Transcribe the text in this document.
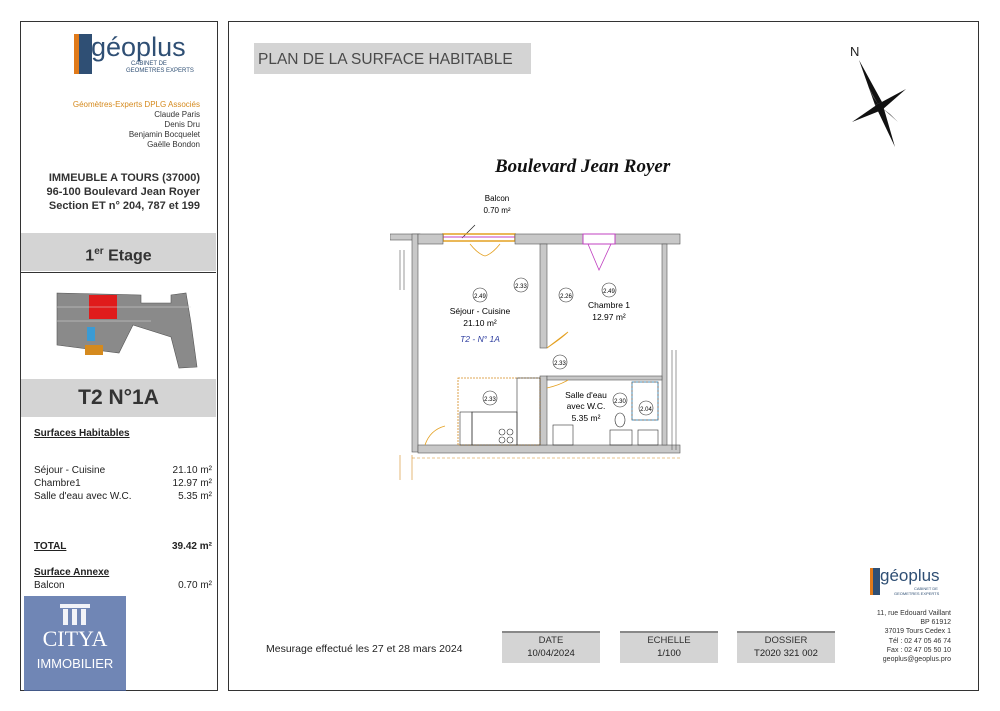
géoplus
CABINET DE
GEOMETRES EXPERTS
Géomètres-Experts DPLG Associés
Claude Paris
Denis Dru
Benjamin Bocquelet
Gaëlle Bondon
IMMEUBLE A TOURS (37000)
96-100 Boulevard Jean Royer
Section ET n° 204, 787 et 199
1er Etage
T2 N°1A
Surfaces Habitables
Séjour - Cuisine	21.10 m²
Chambre1	12.97 m²
Salle d'eau avec W.C.	5.35 m²
TOTAL	39.42 m²
Surface Annexe
Balcon	0.70 m²
CITYA
IMMOBILIER
PLAN DE LA SURFACE HABITABLE	N
Boulevard Jean Royer
Balcon
0.70 m²
2.49
2.33
2.26
2.49
2.33
2.33	2.30
2.04
Séjour - Cuisine
21.10 m²
T2 - N° 1A
Chambre 1
12.97 m²
Salle d'eau
avec W.C.
5.35 m²
Mesurage effectué les 27 et 28 mars 2024
DATE
10/04/2024
ECHELLE
1/100
DOSSIER
T2020 321 002
géoplus
CABINET DE
GEOMETRES EXPERTS
11, rue Edouard Vaillant
BP 61912
37019 Tours Cedex 1
Tél : 02 47 05 46 74
Fax : 02 47 05 50 10
geoplus@geoplus.pro
